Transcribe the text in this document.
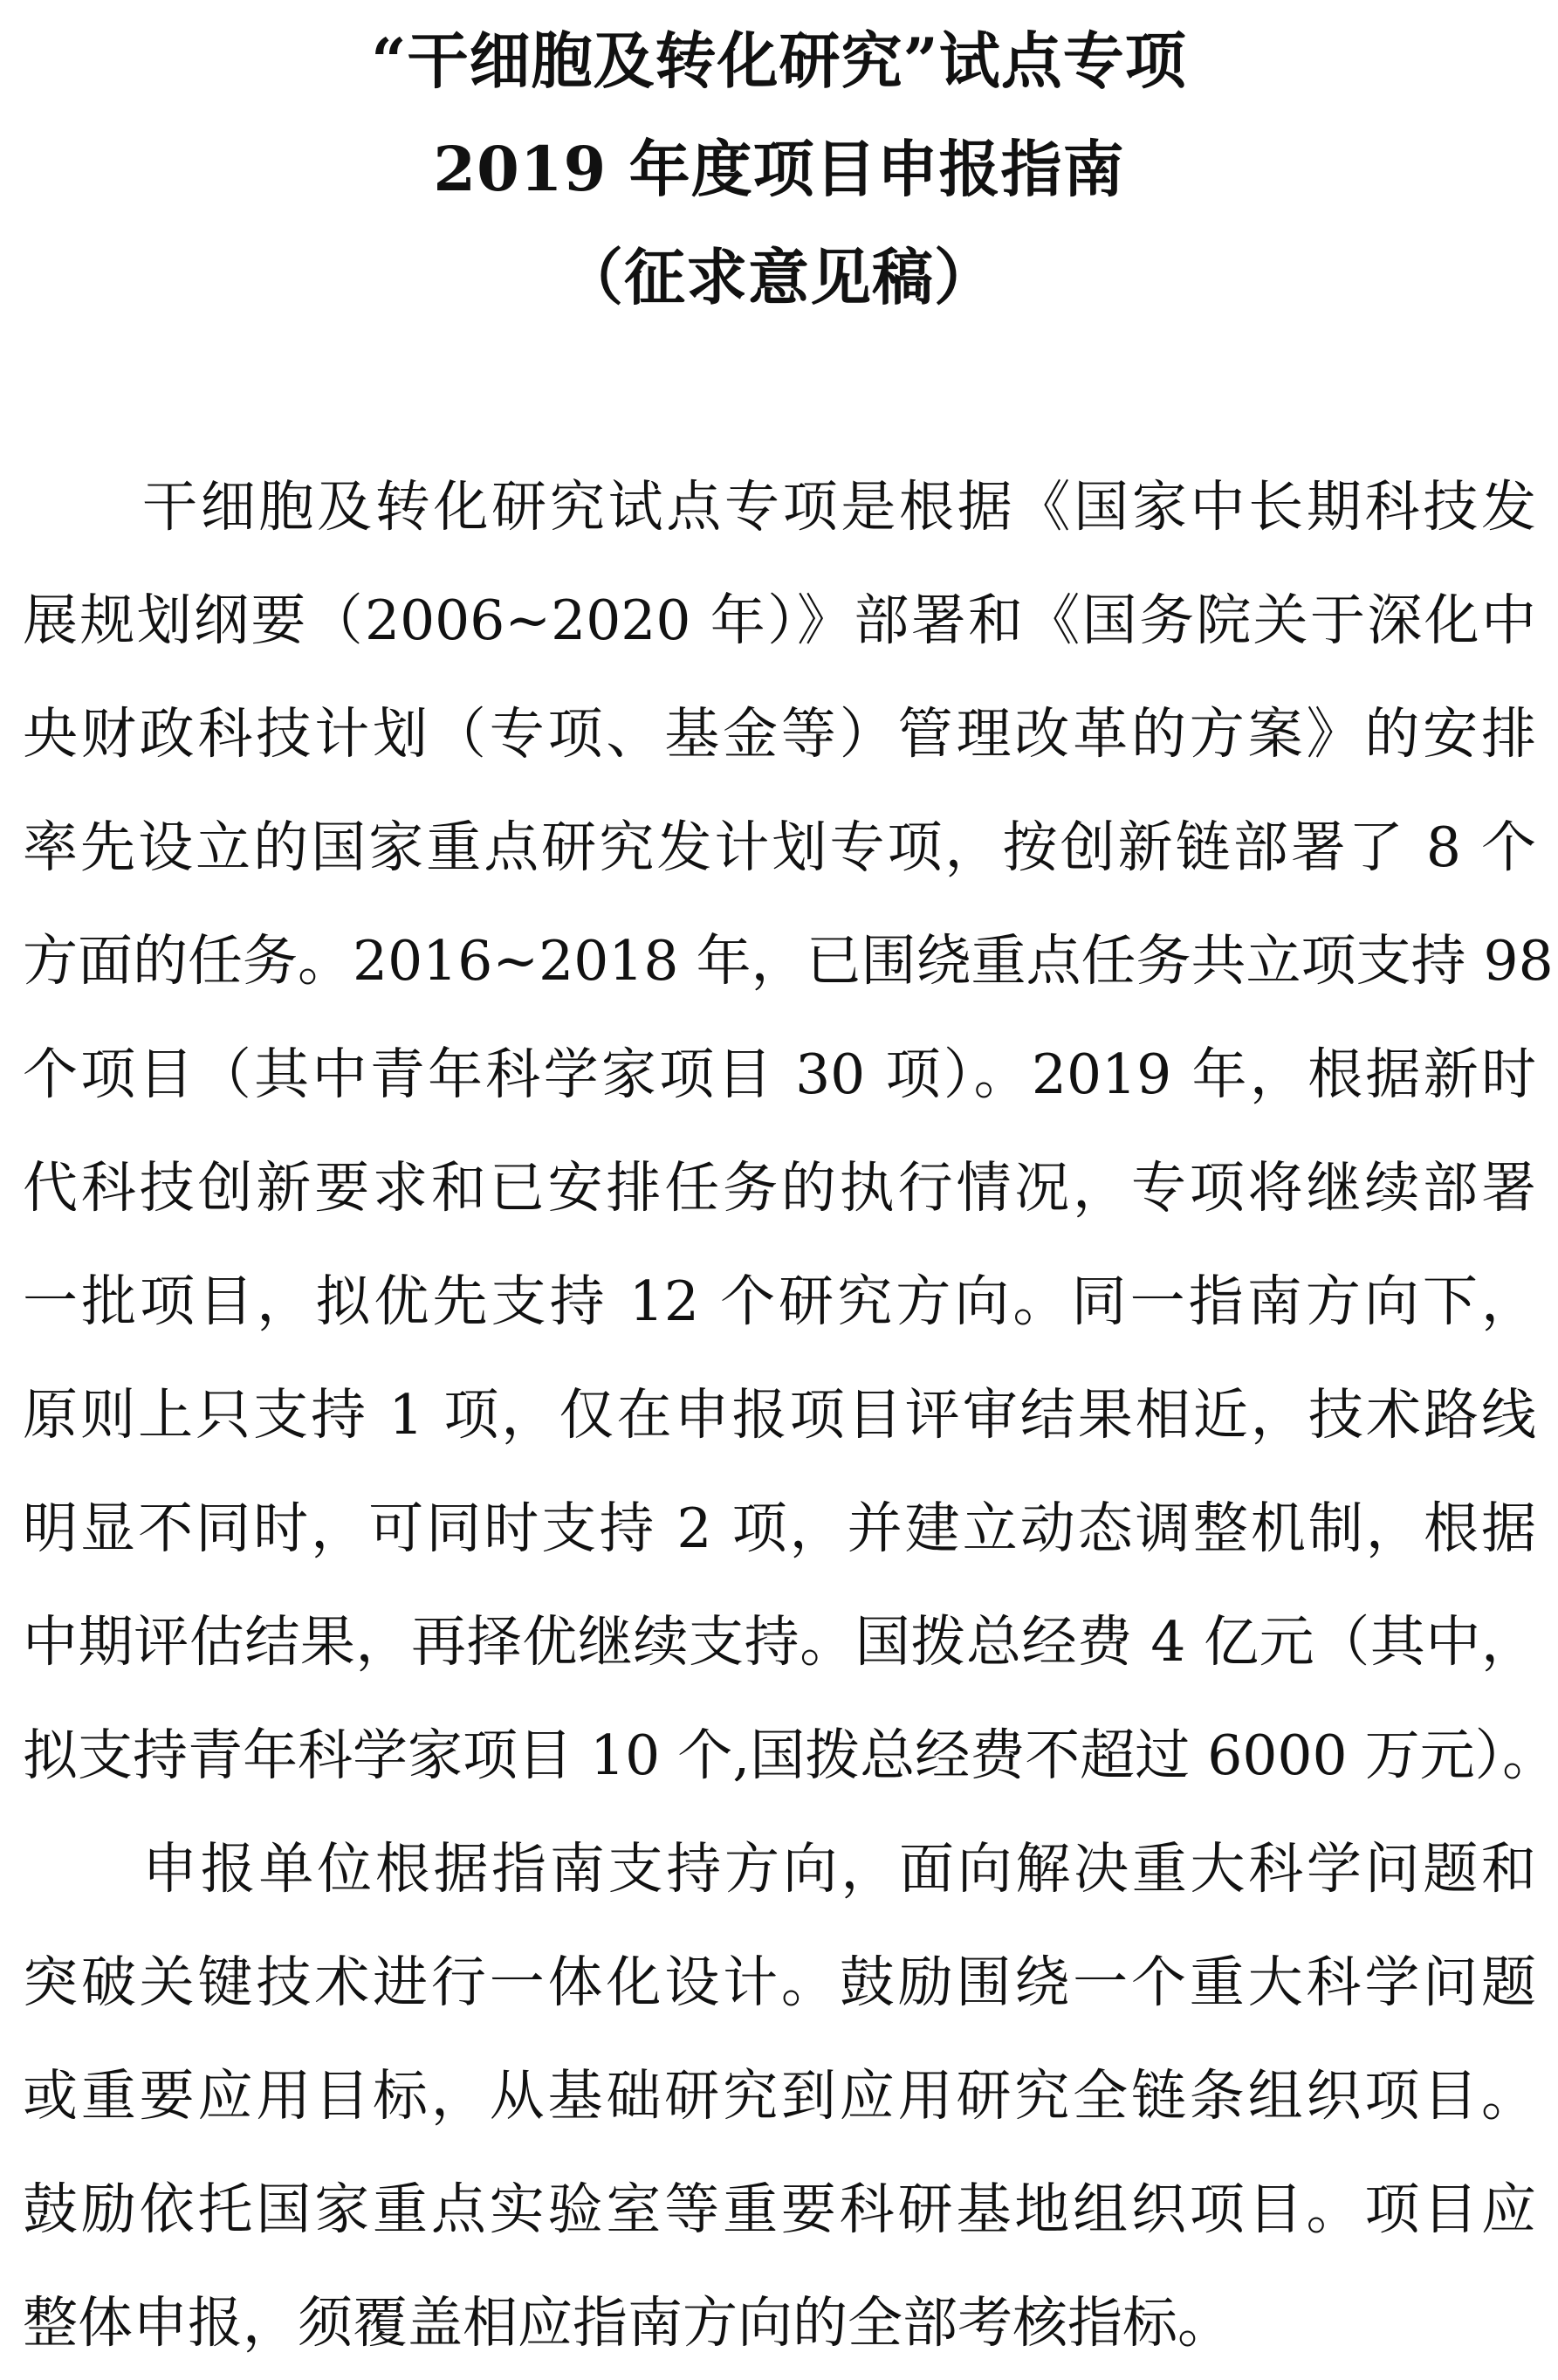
“干细胞及转化研究”试点专项
2019 年度项目申报指南
（征求意见稿）
干细胞及转化研究试点专项是根据《国家中长期科技发
展规划纲要（2006~2020 年）》部署和《国务院关于深化中
央财政科技计划（专项、基金等）管理改革的方案》的安排
率先设立的国家重点研究发计划专项，按创新链部署了 8 个
方面的任务。2016~2018 年，已围绕重点任务共立项支持 98
个项目（其中青年科学家项目 30 项）。2019 年，根据新时
代科技创新要求和已安排任务的执行情况，专项将继续部署
一批项目，拟优先支持 12 个研究方向。同一指南方向下，
原则上只支持 1 项，仅在申报项目评审结果相近，技术路线
明显不同时，可同时支持 2 项，并建立动态调整机制，根据
中期评估结果，再择优继续支持。国拨总经费 4 亿元（其中，
拟支持青年科学家项目 10 个,国拨总经费不超过 6000 万元）。
申报单位根据指南支持方向，面向解决重大科学问题和
突破关键技术进行一体化设计。鼓励围绕一个重大科学问题
或重要应用目标，从基础研究到应用研究全链条组织项目。
鼓励依托国家重点实验室等重要科研基地组织项目。项目应
整体申报，须覆盖相应指南方向的全部考核指标。
